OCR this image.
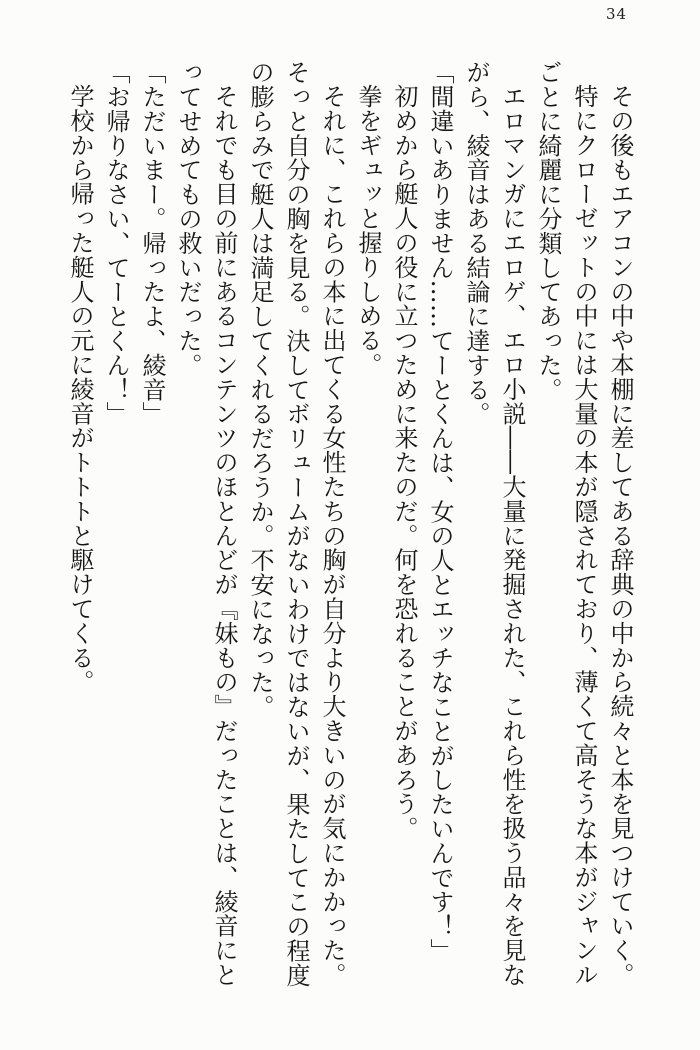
34

その後もエアコンの中や本棚に差してある辞典の中から続々と本を見つけていく。

特にクローゼットの中には大量の本が隠されており、薄くて高そうな本がジャンルごとに綺麗に分類してあった。

エロマンガにエロゲ、エロ小説――大量に発掘された、これら性を扱う品々を見ながら、綾音はある結論に達する。

「間違いありません……てーとくんは、女の人とエッチなことがしたいんです！」

初めから艇人の役に立つために来たのだ。何を恐れることがあろう。

拳をギュッと握りしめる。

それに、これらの本に出てくる女性たちの胸が自分より大きいのが気にかかった。そっと自分の胸を見る。決してボリュームがないわけではないが、果たしてこの程度の膨らみで艇人は満足してくれるだろうか。不安になった。

それでも目の前にあるコンテンツのほとんどが『妹もの』だったことは、綾音にとってせめてもの救いだった。

「ただいまー。帰ったよ、綾音」

「お帰りなさい、てーとくん！」

学校から帰った艇人の元に綾音がトトトと駆けてくる。
